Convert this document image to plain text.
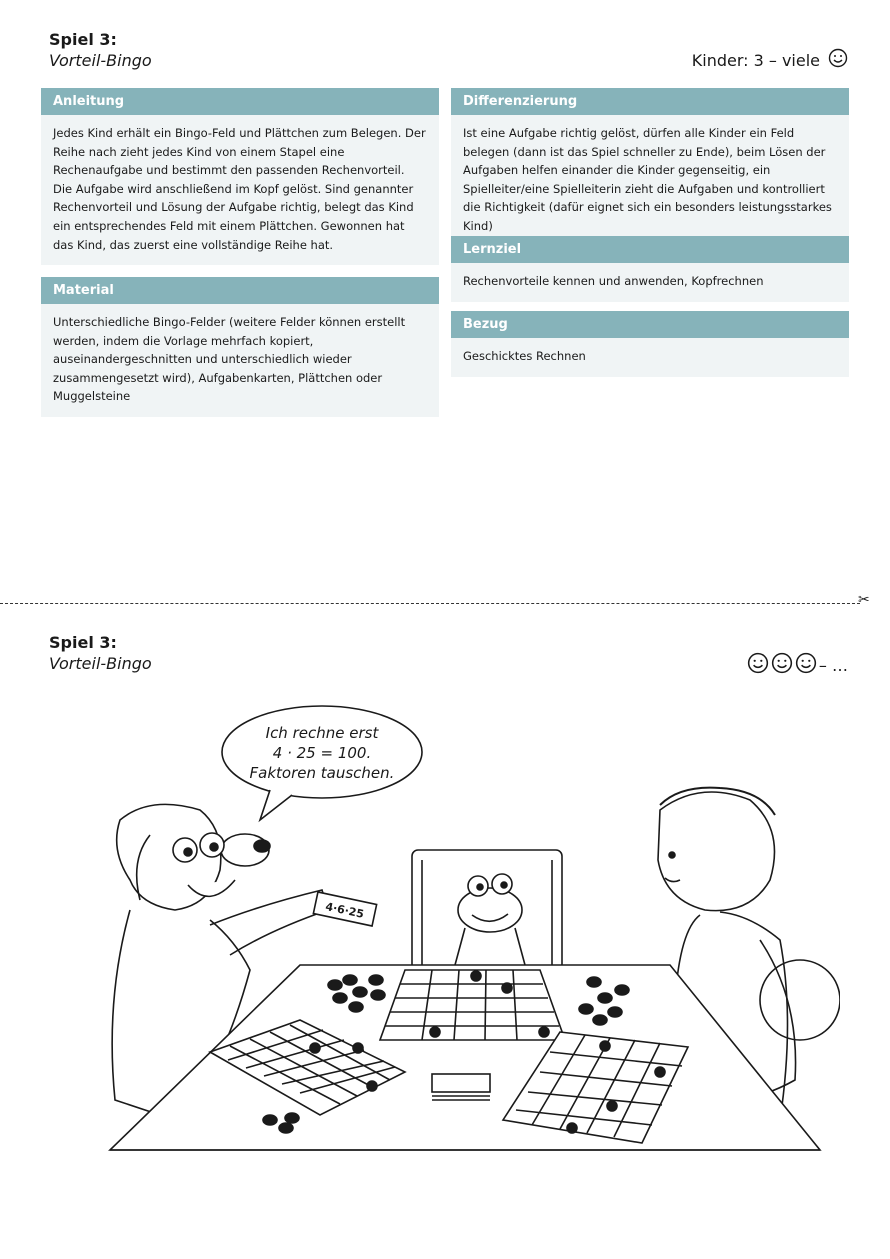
Spiel 3:
Vorteil-Bingo	Kinder: 3 – viele
Anleitung
Jedes Kind erhält ein Bingo-Feld und Plättchen zum Belegen. Der Reihe nach zieht jedes Kind von einem Stapel eine Rechenaufgabe und bestimmt den passenden Rechenvorteil. Die Aufgabe wird anschließend im Kopf gelöst. Sind genannter Rechenvorteil und Lösung der Aufgabe richtig, belegt das Kind ein entsprechendes Feld mit einem Plättchen. Gewonnen hat das Kind, das zuerst eine vollständige Reihe hat.
Material
Unterschiedliche Bingo-Felder (weitere Felder können erstellt werden, indem die Vorlage mehrfach kopiert, auseinandergeschnitten und unterschiedlich wieder zusammengesetzt wird), Aufgabenkarten, Plättchen oder Muggelsteine
Differenzierung
Ist eine Aufgabe richtig gelöst, dürfen alle Kinder ein Feld belegen (dann ist das Spiel schneller zu Ende), beim Lösen der Aufgaben helfen einander die Kinder gegenseitig, ein Spielleiter/eine Spielleiterin zieht die Aufgaben und kontrolliert die Richtigkeit (dafür eignet sich ein besonders leistungsstarkes Kind)
Lernziel
Rechenvorteile kennen und anwenden, Kopfrechnen
Bezug
Geschicktes Rechnen
✂
Spiel 3:
Vorteil-Bingo	– …
Ich rechne erst
4 · 25 = 100.
Faktoren tauschen.
4·6·25
